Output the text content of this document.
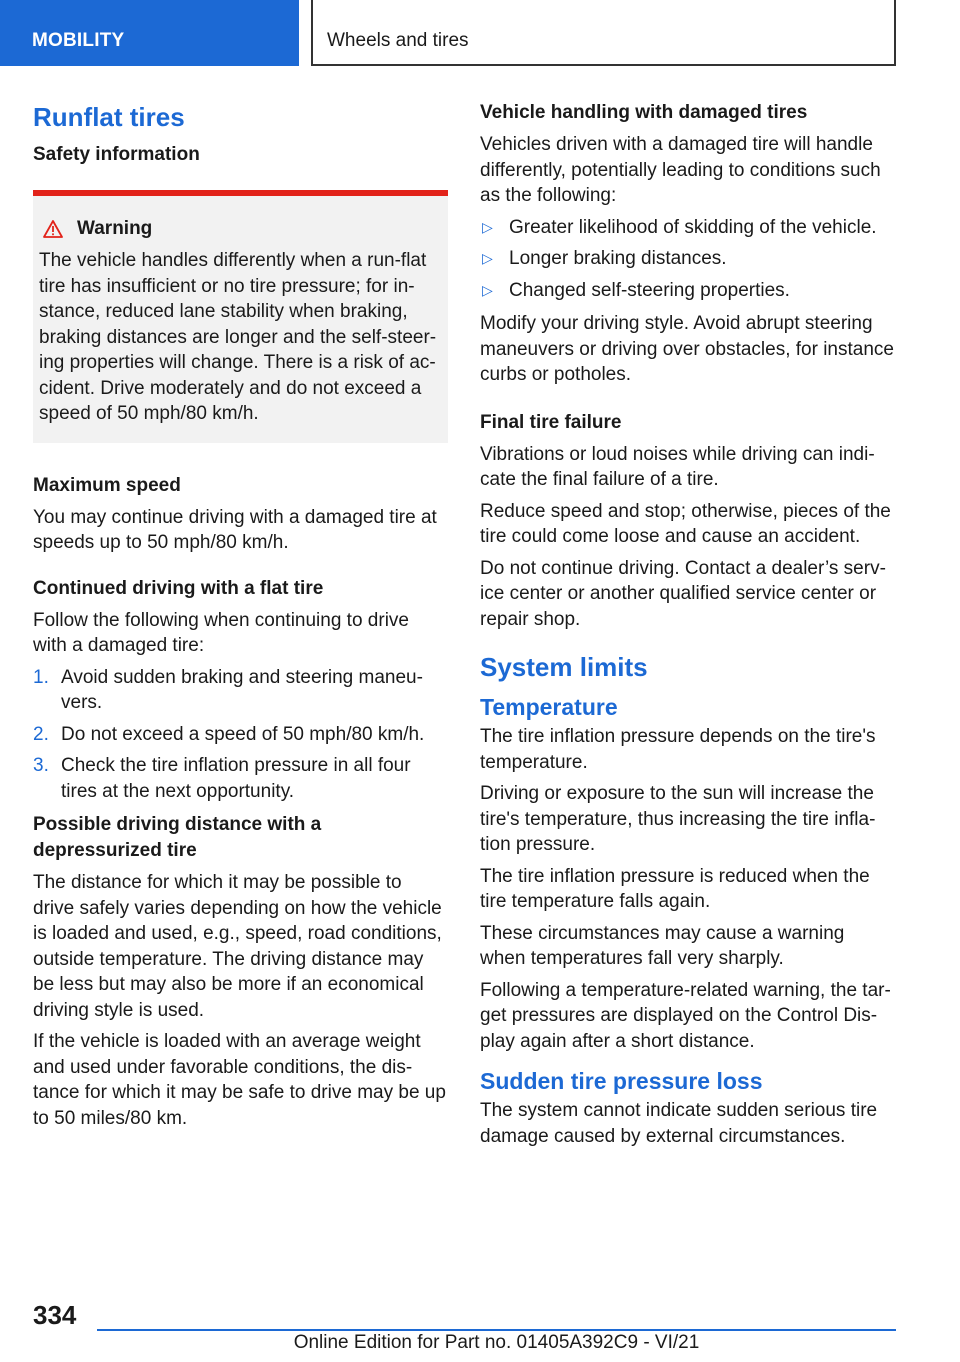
MOBILITY	Wheels and tires
Runflat tires
Safety information
Warning

The vehicle handles differently when a run-flat
tire has insufficient or no tire pressure; for in-
stance, reduced lane stability when braking,
braking distances are longer and the self-steer-
ing properties will change. There is a risk of ac-
cident. Drive moderately and do not exceed a
speed of 50 mph/80 km/h.

Maximum speed

You may continue driving with a damaged tire at
speeds up to 50 mph/80 km/h.

Continued driving with a flat tire

Follow the following when continuing to drive
with a damaged tire:

1. Avoid sudden braking and steering maneu-
vers.
2. Do not exceed a speed of 50 mph/80 km/h.
3. Check the tire inflation pressure in all four
tires at the next opportunity.
Possible driving distance with a
depressurized tire

The distance for which it may be possible to
drive safely varies depending on how the vehicle
is loaded and used, e.g., speed, road conditions,
outside temperature. The driving distance may
be less but may also be more if an economical
driving style is used.

If the vehicle is loaded with an average weight
and used under favorable conditions, the dis-
tance for which it may be safe to drive may be up
to 50 miles/80 km.

Vehicle handling with damaged tires

Vehicles driven with a damaged tire will handle
differently, potentially leading to conditions such
as the following:

▷ Greater likelihood of skidding of the vehicle.
▷ Longer braking distances.
▷ Changed self-steering properties.

Modify your driving style. Avoid abrupt steering
maneuvers or driving over obstacles, for instance
curbs or potholes.

Final tire failure

Vibrations or loud noises while driving can indi-
cate the final failure of a tire.

Reduce speed and stop; otherwise, pieces of the
tire could come loose and cause an accident.

Do not continue driving. Contact a dealer’s serv-
ice center or another qualified service center or
repair shop.

System limits
Temperature

The tire inflation pressure depends on the tire's
temperature.

Driving or exposure to the sun will increase the
tire's temperature, thus increasing the tire infla-
tion pressure.

The tire inflation pressure is reduced when the
tire temperature falls again.

These circumstances may cause a warning
when temperatures fall very sharply.

Following a temperature-related warning, the tar-
get pressures are displayed on the Control Dis-
play again after a short distance.

Sudden tire pressure loss

The system cannot indicate sudden serious tire
damage caused by external circumstances.

334
Online Edition for Part no. 01405A392C9 - VI/21
